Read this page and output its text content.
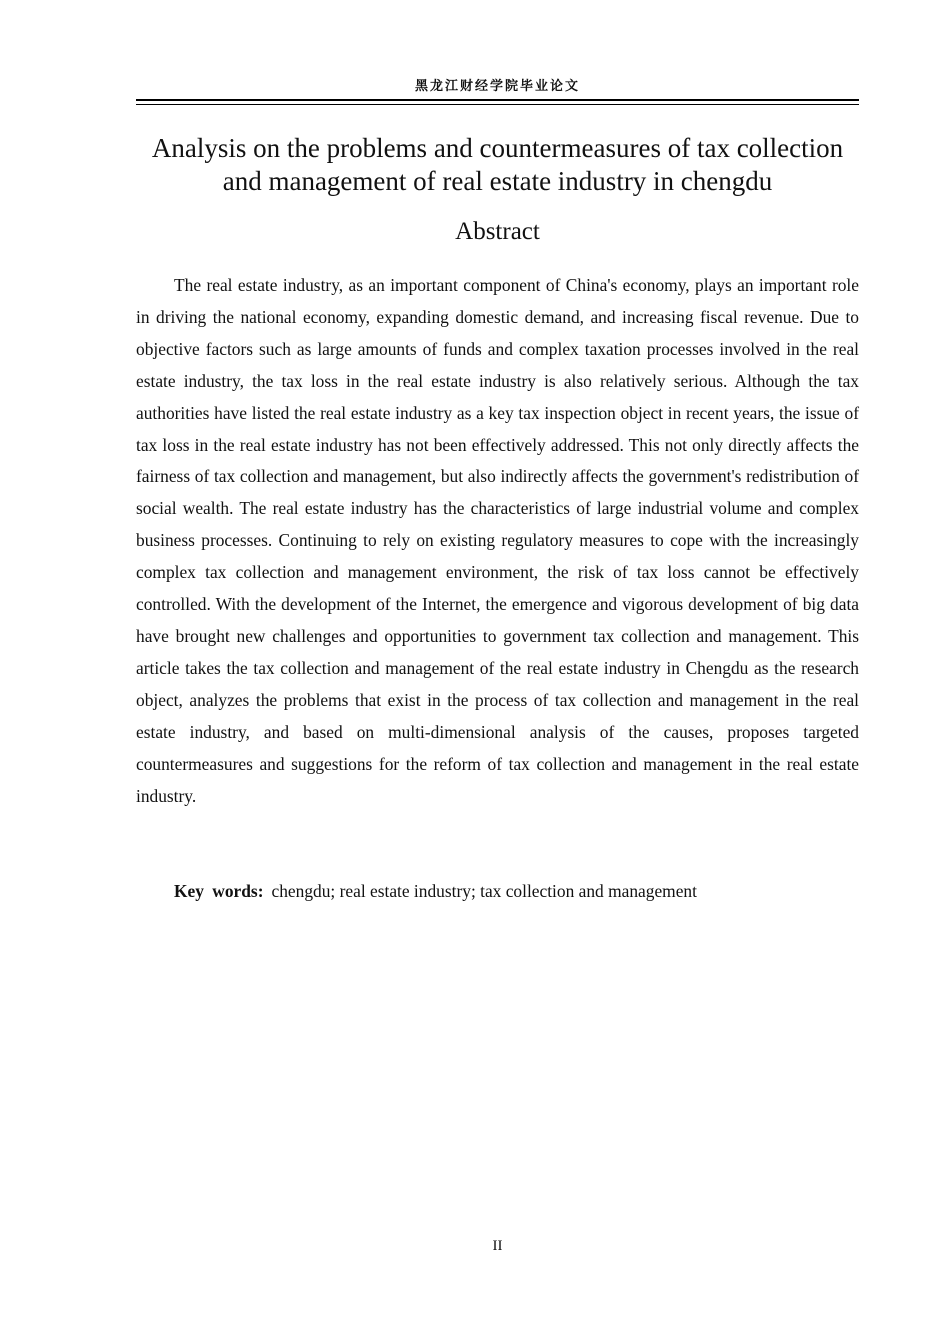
黑龙江财经学院毕业论文
Analysis on the problems and countermeasures of tax collection and management of real estate industry in chengdu
Abstract

The real estate industry, as an important component of China's economy, plays an important role in driving the national economy, expanding domestic demand, and increasing fiscal revenue. Due to objective factors such as large amounts of funds and complex taxation processes involved in the real estate industry, the tax loss in the real estate industry is also relatively serious. Although the tax authorities have listed the real estate industry as a key tax inspection object in recent years, the issue of tax loss in the real estate industry has not been effectively addressed. This not only directly affects the fairness of tax collection and management, but also indirectly affects the government's redistribution of social wealth. The real estate industry has the characteristics of large industrial volume and complex business processes. Continuing to rely on existing regulatory measures to cope with the increasingly complex tax collection and management environment, the risk of tax loss cannot be effectively controlled. With the development of the Internet, the emergence and vigorous development of big data have brought new challenges and opportunities to government tax collection and management. This article takes the tax collection and management of the real estate industry in Chengdu as the research object, analyzes the problems that exist in the process of tax collection and management in the real estate industry, and based on multi-dimensional analysis of the causes, proposes targeted countermeasures and suggestions for the reform of tax collection and management in the real estate industry.

Key words: chengdu; real estate industry; tax collection and management

II
